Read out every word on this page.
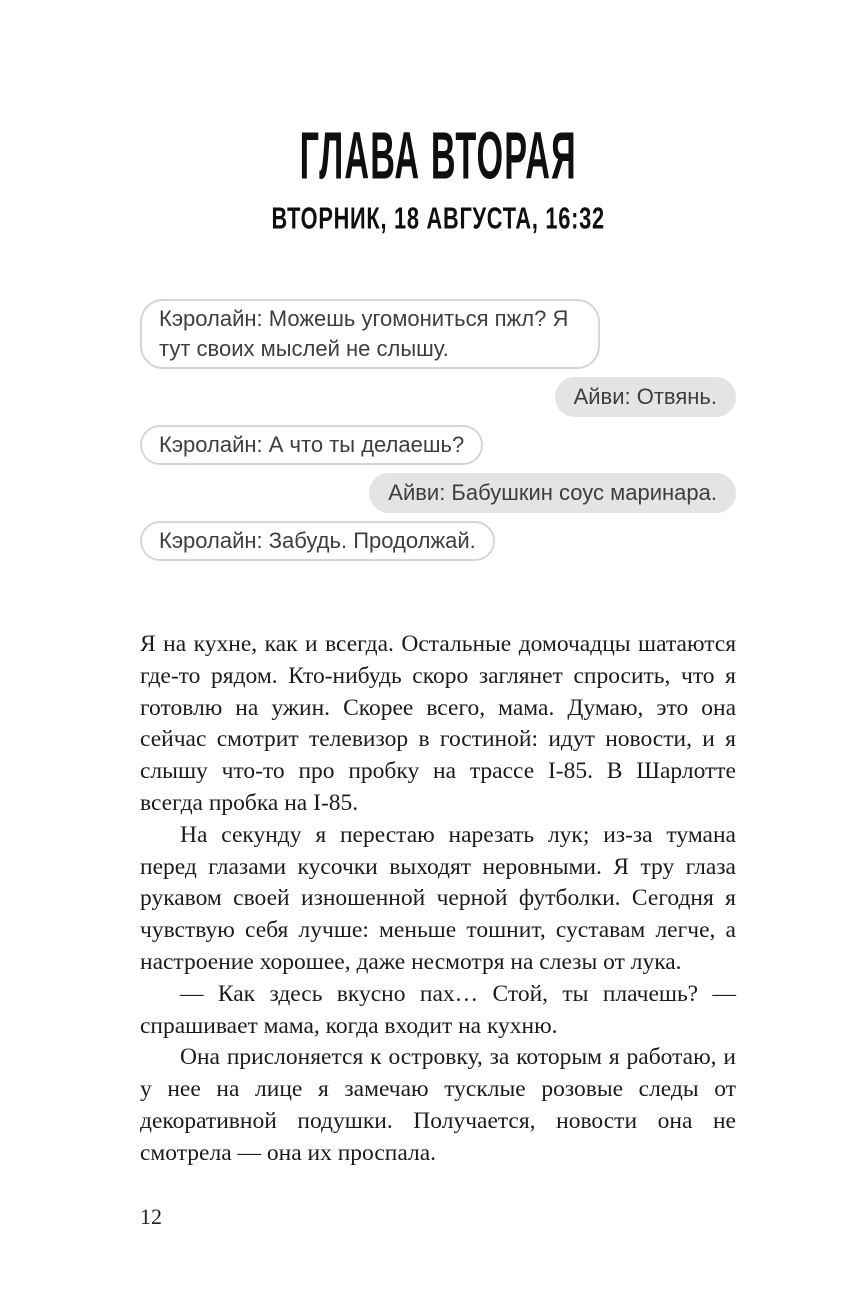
ГЛАВА ВТОРАЯ
ВТОРНИК, 18 АВГУСТА, 16:32
Кэролайн: Можешь угомониться пжл? Я тут своих мыслей не слышу.
Айви: Отвянь.
Кэролайн: А что ты делаешь?
Айви: Бабушкин соус маринара.
Кэролайн: Забудь. Продолжай.

Я на кухне, как и всегда. Остальные домочадцы шатаются где-то рядом. Кто-нибудь скоро заглянет спросить, что я готовлю на ужин. Скорее всего, мама. Думаю, это она сейчас смотрит телевизор в гостиной: идут новости, и я слышу что-то про пробку на трассе I-85. В Шарлотте всегда пробка на I-85.

На секунду я перестаю нарезать лук; из-за тумана перед глазами кусочки выходят неровными. Я тру глаза рукавом своей изношенной черной футболки. Сегодня я чувствую себя лучше: меньше тошнит, суставам легче, а настроение хорошее, даже несмотря на слезы от лука.

— Как здесь вкусно пах… Стой, ты плачешь? — спрашивает мама, когда входит на кухню.

Она прислоняется к островку, за которым я работаю, и у нее на лице я замечаю тусклые розовые следы от декоративной подушки. Получается, новости она не смотрела — она их проспала.

12
